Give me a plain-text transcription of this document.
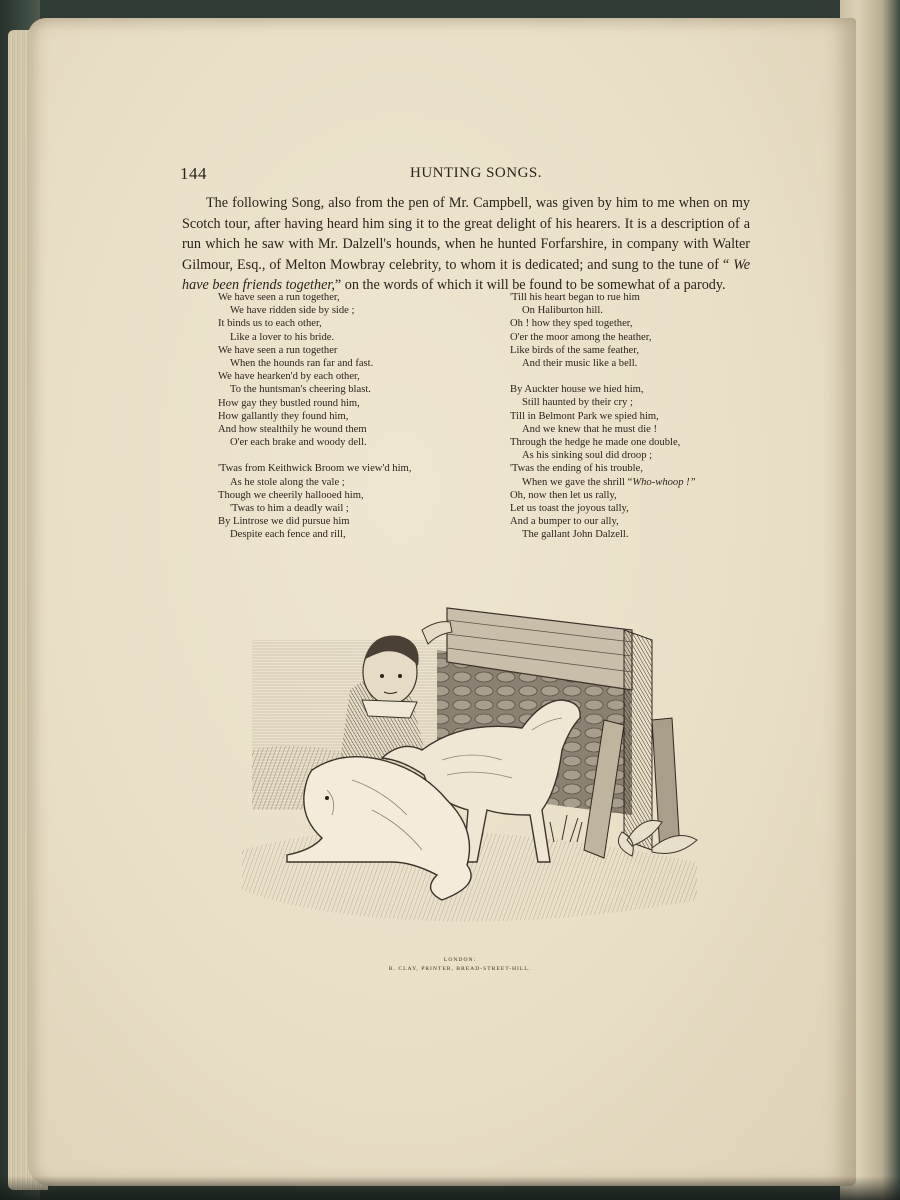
144	HUNTING SONGS.

The following Song, also from the pen of Mr. Campbell, was given by him to me when on my Scotch tour, after having heard him sing it to the great delight of his hearers. It is a description of a run which he saw with Mr. Dalzell's hounds, when he hunted Forfarshire, in company with Walter Gilmour, Esq., of Melton Mowbray celebrity, to whom it is dedicated; and sung to the tune of “ We have been friends together,” on the words of which it will be found to be somewhat of a parody.

We have seen a run together,
We have ridden side by side ;
It binds us to each other,
Like a lover to his bride.
We have seen a run together
When the hounds ran far and fast.
We have hearken'd by each other,
To the huntsman's cheering blast.
How gay they bustled round him,
How gallantly they found him,
And how stealthily he wound them
O'er each brake and woody dell.
'Twas from Keithwick Broom we view'd him,
As he stole along the vale ;
Though we cheerily hallooed him,
'Twas to him a deadly wail ;
By Lintrose we did pursue him
Despite each fence and rill,
'Till his heart began to rue him
On Haliburton hill.
Oh ! how they sped together,
O'er the moor among the heather,
Like birds of the same feather,
And their music like a bell.
By Auckter house we hied him,
Still haunted by their cry ;
Till in Belmont Park we spied him,
And we knew that he must die !
Through the hedge he made one double,
As his sinking soul did droop ;
'Twas the ending of his trouble,
When we gave the shrill “Who-whoop !”
Oh, now then let us rally,
Let us toast the joyous tally,
And a bumper to our ally,
The gallant John Dalzell.
LONDON:
R. CLAY, PRINTER, BREAD-STREET-HILL.
